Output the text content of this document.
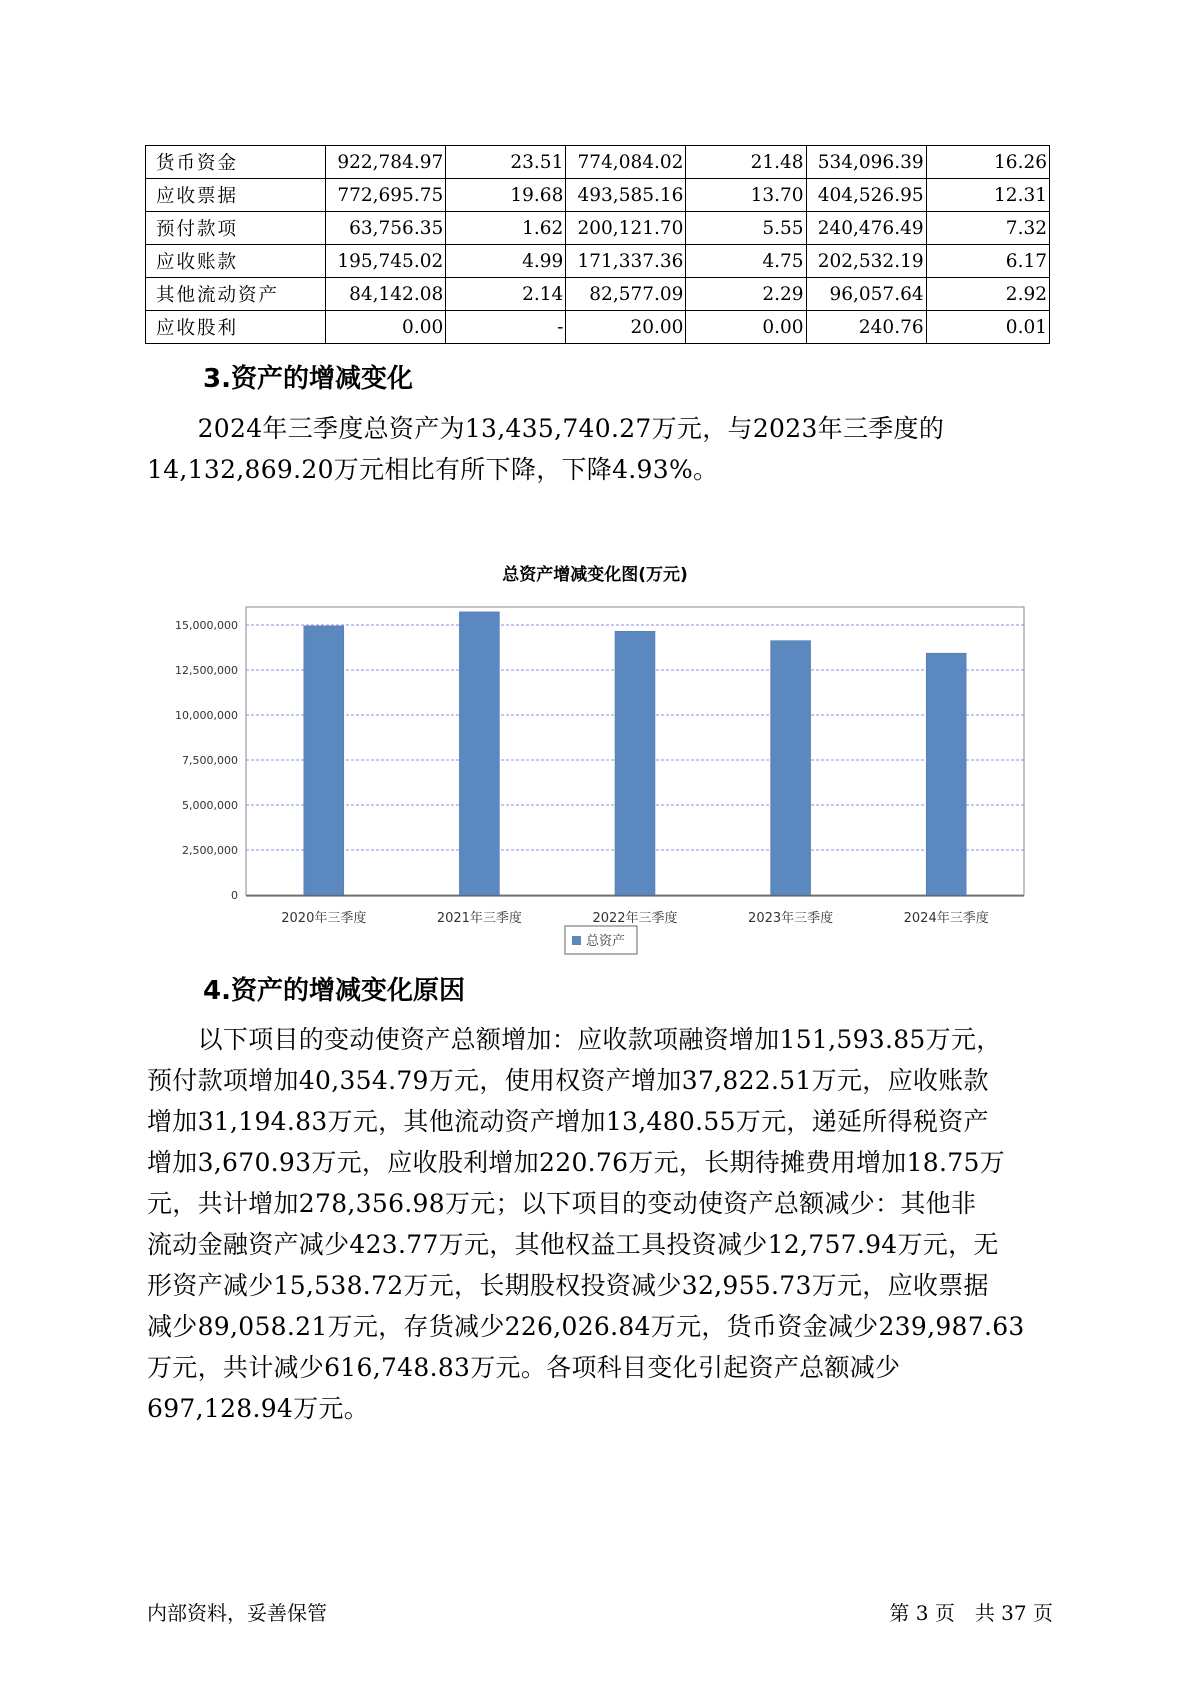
货币资金	922,784.97	23.51	774,084.02	21.48	534,096.39	16.26
应收票据	772,695.75	19.68	493,585.16	13.70	404,526.95	12.31
预付款项	63,756.35	1.62	200,121.70	5.55	240,476.49	7.32
应收账款	195,745.02	4.99	171,337.36	4.75	202,532.19	6.17
其他流动资产	84,142.08	2.14	82,577.09	2.29	96,057.64	2.92
应收股利	0.00	-	20.00	0.00	240.76	0.01
3.资产的增减变化

　　2024年三季度总资产为13,435,740.27万元，与2023年三季度的

14,132,869.20万元相比有所下降，下降4.93%。

总资产增减变化图(万元)
0
2,500,000
5,000,000
7,500,000
10,000,000
12,500,000
15,000,000
2020年三季度	2021年三季度	2022年三季度	2023年三季度	2024年三季度
总资产
4.资产的增减变化原因

　　以下项目的变动使资产总额增加：应收款项融资增加151,593.85万元，

预付款项增加40,354.79万元，使用权资产增加37,822.51万元，应收账款

增加31,194.83万元，其他流动资产增加13,480.55万元，递延所得税资产

增加3,670.93万元，应收股利增加220.76万元，长期待摊费用增加18.75万

元，共计增加278,356.98万元；以下项目的变动使资产总额减少：其他非

流动金融资产减少423.77万元，其他权益工具投资减少12,757.94万元，无

形资产减少15,538.72万元，长期股权投资减少32,955.73万元，应收票据

减少89,058.21万元，存货减少226,026.84万元，货币资金减少239,987.63

万元，共计减少616,748.83万元。各项科目变化引起资产总额减少

697,128.94万元。

内部资料，妥善保管	第 3 页　共 37 页
